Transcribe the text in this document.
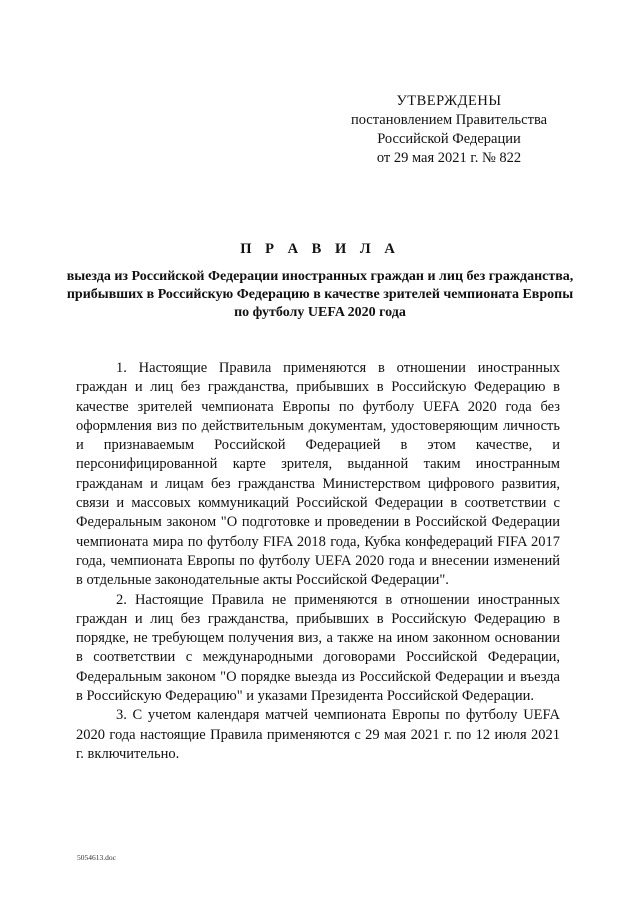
УТВЕРЖДЕНЫ
постановлением Правительства
Российской Федерации
от 29 мая 2021 г. № 822
П Р А В И Л А
выезда из Российской Федерации иностранных граждан и лиц без гражданства, прибывших в Российскую Федерацию в качестве зрителей чемпионата Европы по футболу UEFA 2020 года

1. Настоящие Правила применяются в отношении иностранных граждан и лиц без гражданства, прибывших в Российскую Федерацию в качестве зрителей чемпионата Европы по футболу UEFA 2020 года без оформления виз по действительным документам, удостоверяющим личность и признаваемым Российской Федерацией в этом качестве, и персонифицированной карте зрителя, выданной таким иностранным гражданам и лицам без гражданства Министерством цифрового развития, связи и массовых коммуникаций Российской Федерации в соответствии с Федеральным законом "О подготовке и проведении в Российской Федерации чемпионата мира по футболу FIFA 2018 года, Кубка конфедераций FIFA 2017 года, чемпионата Европы по футболу UEFA 2020 года и внесении изменений в отдельные законодательные акты Российской Федерации".

2. Настоящие Правила не применяются в отношении иностранных граждан и лиц без гражданства, прибывших в Российскую Федерацию в порядке, не требующем получения виз, а также на ином законном основании в соответствии с международными договорами Российской Федерации, Федеральным законом "О порядке выезда из Российской Федерации и въезда в Российскую Федерацию" и указами Президента Российской Федерации.

3. С учетом календаря матчей чемпионата Европы по футболу UEFA 2020 года настоящие Правила применяются с 29 мая 2021 г. по 12 июля 2021 г. включительно.

5054613.doc
